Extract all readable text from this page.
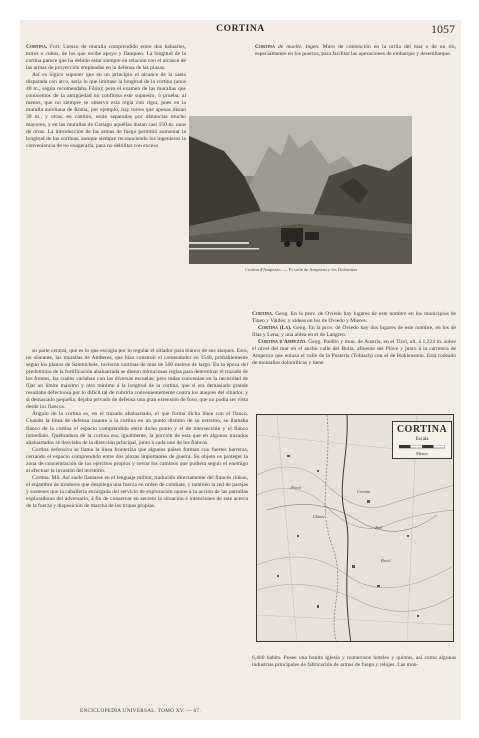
CORTINA	1057

Cortina. Fort. Lienzo de muralla comprendido entre dos baluartes, torres o cubos, de los que recibe apoyo y flanqueo. La longitud de la cortina parece que ha debido estar siempre en relación con el alcance de las armas de proyección empleadas en la defensa de las plazas.

Así es lógico suponer que en un principio el alcance de la saeta disparada con arco, sería lo que limitase la longitud de la cortina (unos 40 m., según recomendaba Filón); pero el examen de las murallas que conocemos de la antigüedad no confirma este supuesto, ó prueba, al menos, que no siempre se observó esta regla con rigor, pues en la muralla aureliana de Roma, por ejemplo, hay torres que apenas distan 30 m., y otras, en cambio, están separadas por distancias mucho mayores; y en las murallas de Cartago aquéllas distan casi 150 m. unas de otras. La introducción de las armas de fuego permitió aumentar la longitud de las cortinas, aunque siempre reconociendo los ingenieros la conveniencia de no exagerarla, para no debilitar con exceso

Cortina d'Ampezzo. — El valle de Ampezzo y los Dolomitas

Cortina de muelle. Ingen. Muro de contención en la orilla del mar o de un río, especialmente en los puertos, para facilitar las operaciones de embarque y desembarque.

su parte central, que es lo que escogía por lo regular el sitiador para blanco de sus ataques. Esto, no obstante, las murallas de Amberes, que hizo construir el comendador en 1540, probablemente según los planos de Sanmichele, tuvieron cortinas de más de 500 metros de largo. En la época del predominio de la fortificación abaluartada se dieron minuciosas reglas para determinar el trazado de los frentes, las cuales variaban con las diversas escuelas; pero todas convenían en la necesidad de fijar un límite máximo y otro mínimo á la longitud de la cortina, que si era demasiado grande resultaba defectuosa por lo difícil tal de cubrirla convenientemente contra los ataques del sitiador, y si demasiado pequeña, dejaba privado de defensa una gran extensión de foso, que no podía ser vista desde los flancos.

Ángulo de la cortina es, en el trazado abaluartado, el que forma dicha línea con el flanco. Cuando la línea de defensa rasante á la cortina en un punto distinto de su extremo, se llamaba flanco de la cortina el espacio comprendido entre dicho punto y el de intersección y el flanco inmediato. Quebradura de la cortina era, igualmente, la porción de esta que en algunos trazados abaluartados se desviaba de la dirección principal, junto á cada uno de los flancos.

Cortina defensiva se llama la línea fronteriza que algunos países forman con fuertes barreras, cerrando el espacio comprendido entre dos plazas importantes de guerra. Su objeto es proteger la zona de concentración de los ejércitos propios y cerrar los caminos que pudiera seguir el enemigo al efectuar la invasión del territorio.

Cortina. Mil. Así suele llamarse en el lenguaje militar, traducido directamente del francés rideau, el enjambre de tiradores que despliega una fuerza en orden de combate, y también la red de parejas y sostenes que la caballería encargada del servicio de exploración opone á la acción de las patrullas exploradoras del adversario, á fin de conservar en secreto la situación é intenciones de este acerca de la fuerza y disposición de marcha de las tropas propias.

Cortina. Geog. En la prov. de Oviedo hay lugares de este nombre en los municipios de Tineo y Valdés; y aldeas en los de Oviedo y Mieres.

Cortina (La). Geog. En la prov. de Oviedo hay dos lugares de este nombre, en los de Illas y Lena; y una aldea en el de Langreo.

Cortina d'Ampezzo. Geog. Pueblo y mun. de Austria, en el Tirol, alt. á 1,224 m. sobre el nivel del mar en el ancho valle del Boita, afluente del Piave y junto á la carretera de Ampezzo que enlaza el valle de la Pusteria (Toblach) con el de Hohlenstein. Está rodeado de montañas dolomíticas y tiene

CORTINA
Escala
Metros
Pocol
Cortina
Chiave
Zuel
Pecol

6,400 habits. Posee una bonita iglesia y numerosos hoteles y quintas, así como algunas industrias principales de fabricación de armas de fuego y relojes. Las mon-

ENCICLOPEDIA UNIVERSAL. TOMO XV. — 67.
